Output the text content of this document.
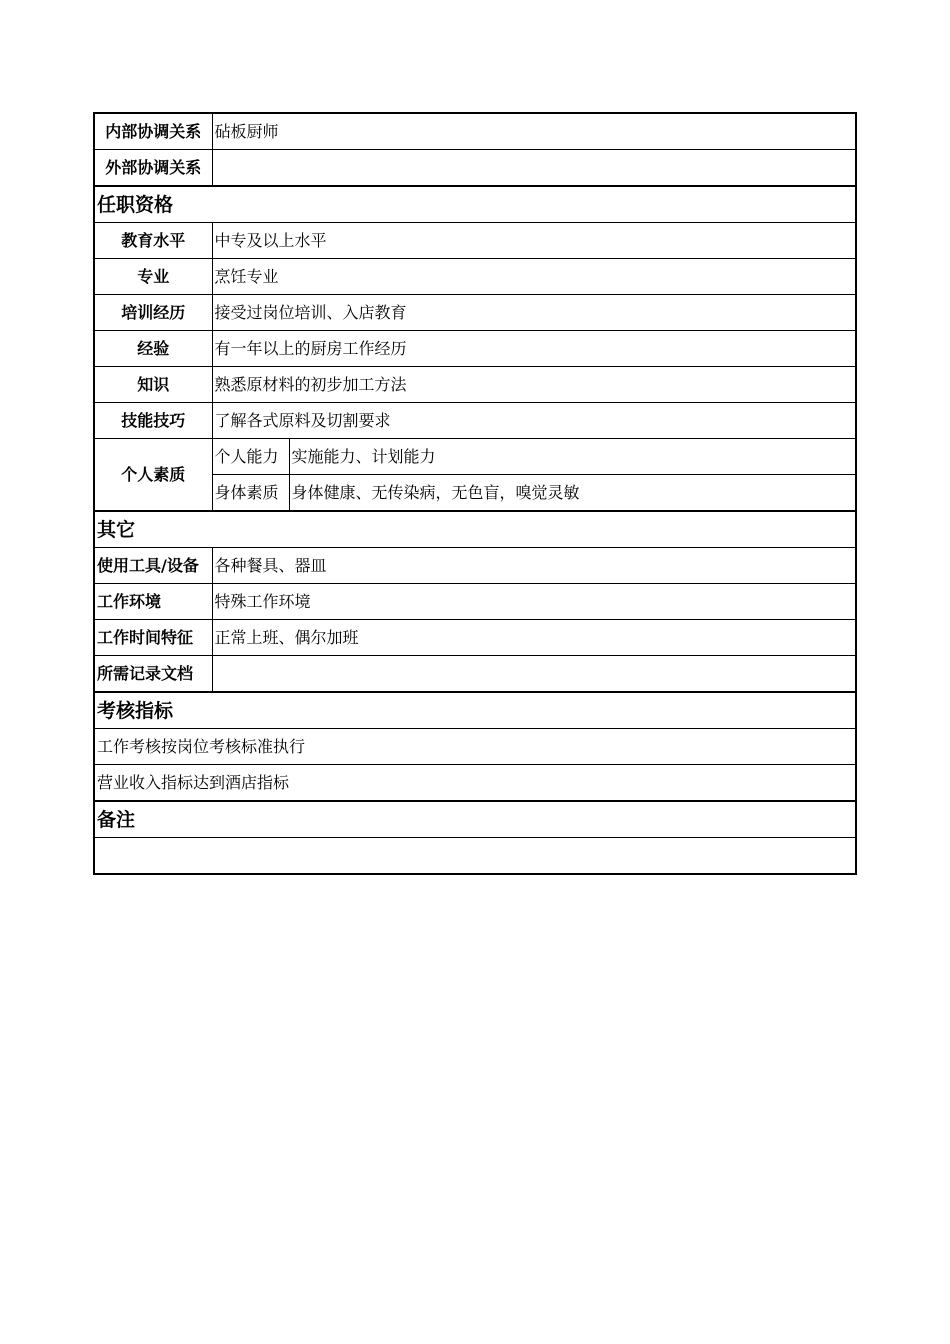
内部协调关系	砧板厨师	
外部协调关系		
任职资格		
教育水平	中专及以上水平	
专业	烹饪专业	
培训经历	接受过岗位培训、入店教育	
经验	有一年以上的厨房工作经历	
知识	熟悉原材料的初步加工方法	
技能技巧	了解各式原料及切割要求	
个人素质	个人能力	实施能力、计划能力
	身体素质	身体健康、无传染病，无色盲，嗅觉灵敏
其它		
使用工具/设备	各种餐具、器皿	
工作环境	特殊工作环境	
工作时间特征	正常上班、偶尔加班	
所需记录文档		
考核指标		
工作考核按岗位考核标准执行		
营业收入指标达到酒店指标		
备注		
